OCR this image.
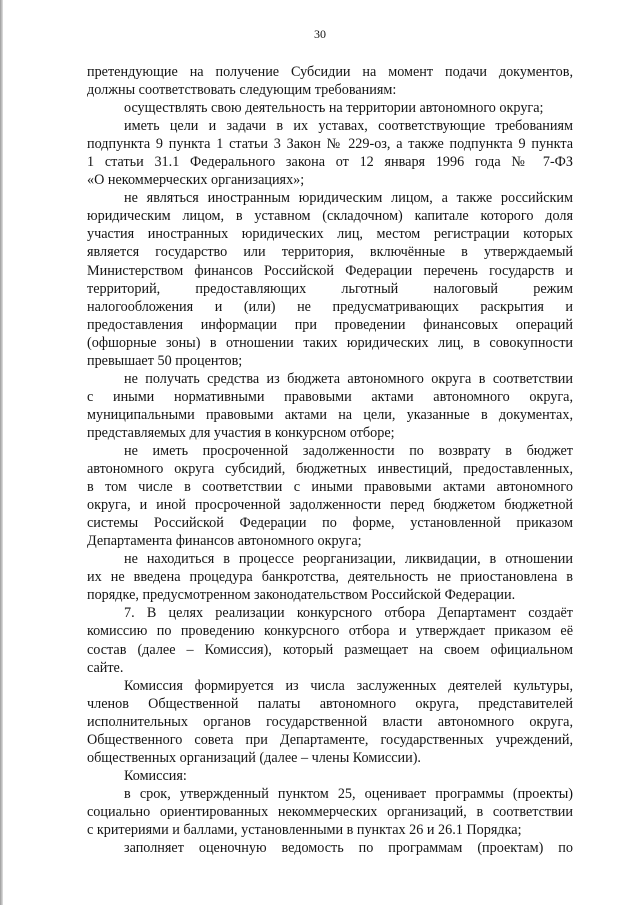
30
претендующие на получение Субсидии на момент подачи документов,
должны соответствовать следующим требованиям:
осуществлять свою деятельность на территории автономного округа;
иметь цели и задачи в их уставах, соответствующие требованиям
подпункта 9 пункта 1 статьи 3 Закон № 229-оз, а также подпункта 9 пункта
1 статьи 31.1 Федерального закона от 12 января 1996 года № 7-ФЗ
«О некоммерческих организациях»;
не являться иностранным юридическим лицом, а также российским
юридическим лицом, в уставном (складочном) капитале которого доля
участия иностранных юридических лиц, местом регистрации которых
является государство или территория, включённые в утверждаемый
Министерством финансов Российской Федерации перечень государств и
территорий, предоставляющих льготный налоговый режим
налогообложения и (или) не предусматривающих раскрытия и
предоставления информации при проведении финансовых операций
(офшорные зоны) в отношении таких юридических лиц, в совокупности
превышает 50 процентов;
не получать средства из бюджета автономного округа в соответствии
с иными нормативными правовыми актами автономного округа,
муниципальными правовыми актами на цели, указанные в документах,
представляемых для участия в конкурсном отборе;
не иметь просроченной задолженности по возврату в бюджет
автономного округа субсидий, бюджетных инвестиций, предоставленных,
в том числе в соответствии с иными правовыми актами автономного
округа, и иной просроченной задолженности перед бюджетом бюджетной
системы Российской Федерации по форме, установленной приказом
Департамента финансов автономного округа;
не находиться в процессе реорганизации, ликвидации, в отношении
их не введена процедура банкротства, деятельность не приостановлена в
порядке, предусмотренном законодательством Российской Федерации.
7. В целях реализации конкурсного отбора Департамент создаёт
комиссию по проведению конкурсного отбора и утверждает приказом её
состав (далее – Комиссия), который размещает на своем официальном
сайте.
Комиссия формируется из числа заслуженных деятелей культуры,
членов Общественной палаты автономного округа, представителей
исполнительных органов государственной власти автономного округа,
Общественного совета при Департаменте, государственных учреждений,
общественных организаций (далее – члены Комиссии).
Комиссия:
в срок, утвержденный пунктом 25, оценивает программы (проекты)
социально ориентированных некоммерческих организаций, в соответствии
с критериями и баллами, установленными в пунктах 26 и 26.1 Порядка;
заполняет оценочную ведомость по программам (проектам) по
